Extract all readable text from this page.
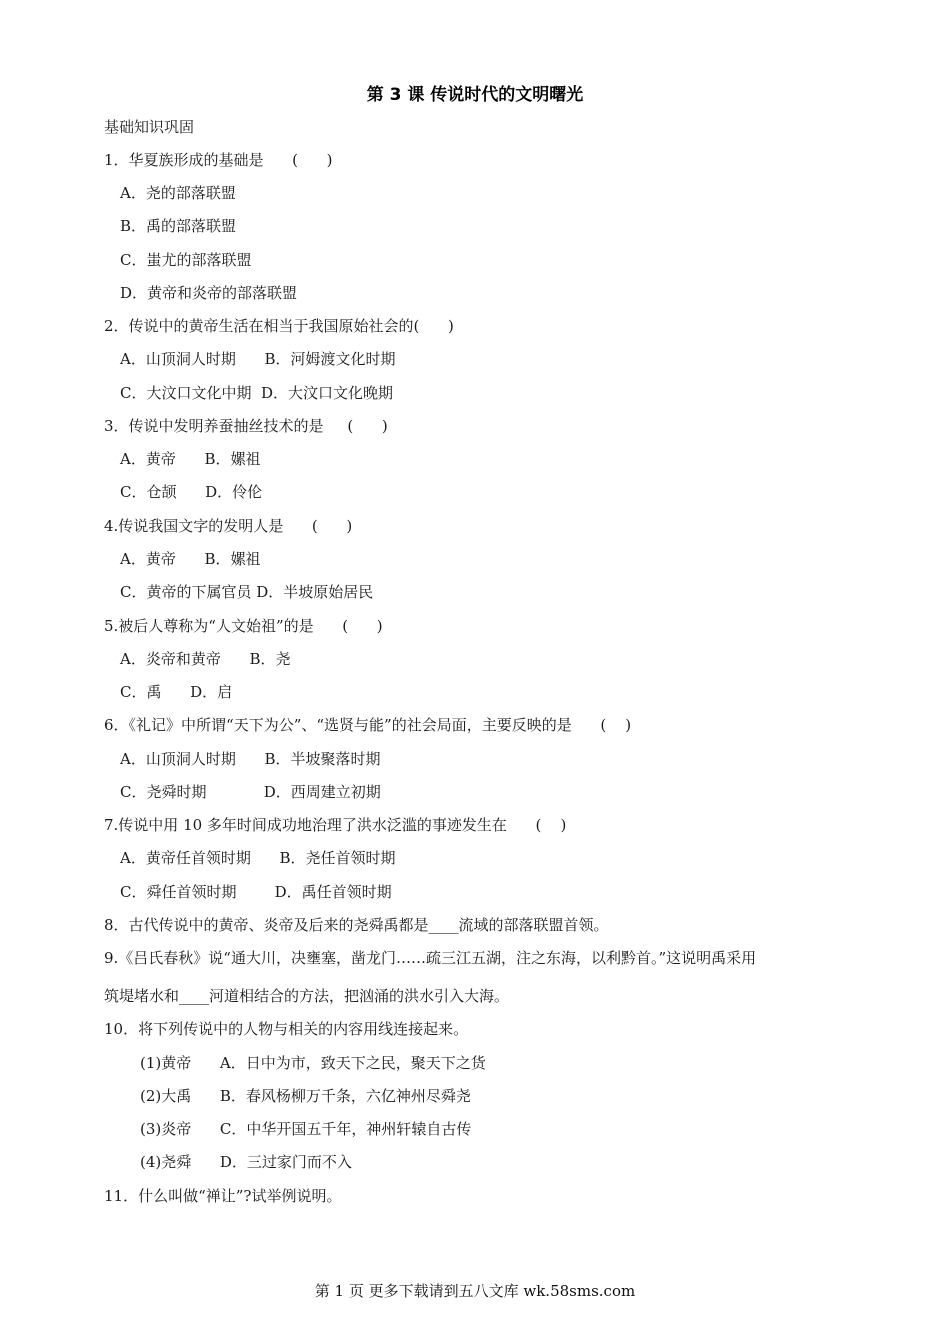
第 3 课 传说时代的文明曙光
基础知识巩固
1．华夏族形成的基础是      (      )
A．尧的部落联盟
B．禹的部落联盟
C．蚩尤的部落联盟
D．黄帝和炎帝的部落联盟
2．传说中的黄帝生活在相当于我国原始社会的(      )
A．山顶洞人时期      B．河姆渡文化时期
C．大汶口文化中期  D．大汶口文化晚期
3．传说中发明养蚕抽丝技术的是     (      )
A．黄帝      B．嫘祖
C．仓颉      D．伶伦
4.传说我国文字的发明人是      (      )
A．黄帝      B．嫘祖
C．黄帝的下属官员 D．半坡原始居民
5.被后人尊称为“人文始祖”的是      (      )
A．炎帝和黄帝      B．尧
C．禹      D．启
6．《礼记》中所谓“天下为公”、“选贤与能”的社会局面，主要反映的是      (    )
A．山顶洞人时期      B．半坡聚落时期
C．尧舜时期            D．西周建立初期
7.传说中用 10 多年时间成功地治理了洪水泛滥的事迹发生在      (    )
A．黄帝任首领时期      B．尧任首领时期
C．舜任首领时期        D．禹任首领时期
8．古代传说中的黄帝、炎帝及后来的尧舜禹都是____流域的部落联盟首领。
9.《吕氏春秋》说“通大川，决壅塞，凿龙门……疏三江五湖，注之东海，以利黔首。”这说明禹采用
筑堤堵水和____河道相结合的方法，把汹涌的洪水引入大海。
10．将下列传说中的人物与相关的内容用线连接起来。
(1)黄帝      A．日中为市，致天下之民，聚天下之货
(2)大禹      B．春风杨柳万千条，六亿神州尽舜尧
(3)炎帝      C．中华开国五千年，神州轩辕自古传
(4)尧舜      D．三过家门而不入
11．什么叫做“禅让”?试举例说明。
第 1 页 更多下载请到五八文库 wk.58sms.com
